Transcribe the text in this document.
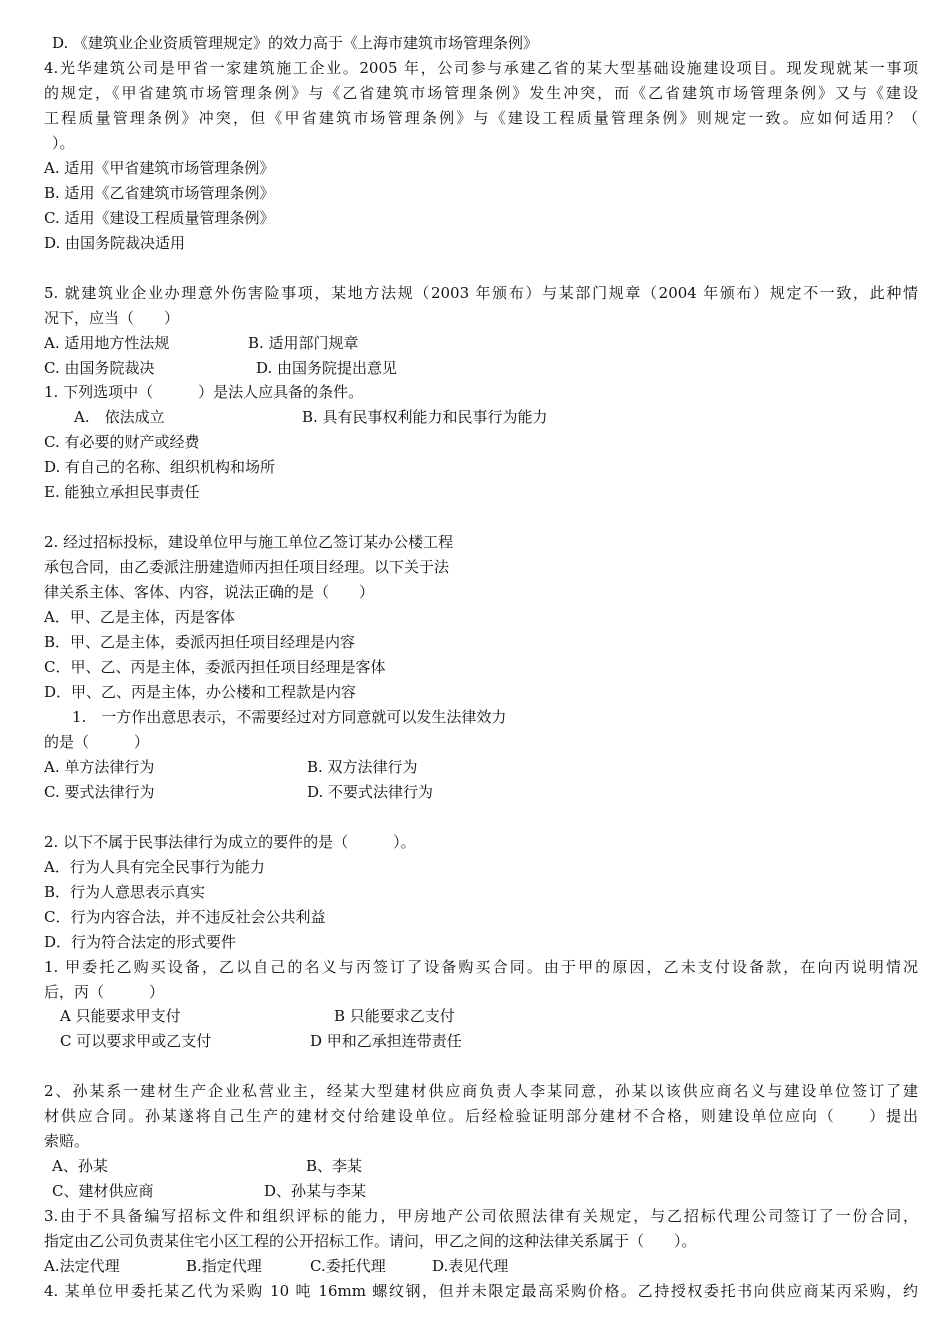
D. 《建筑业企业资质管理规定》的效力高于《上海市建筑市场管理条例》
4.光华建筑公司是甲省一家建筑施工企业。2005 年，公司参与承建乙省的某大型基础设施建设项目。现发现就某一事项
的规定，《甲省建筑市场管理条例》与《乙省建筑市场管理条例》发生冲突，而《乙省建筑市场管理条例》又与《建设
工程质量管理条例》冲突，但《甲省建筑市场管理条例》与《建设工程质量管理条例》则规定一致。应如何适用？（
）。
A. 适用《甲省建筑市场管理条例》
B. 适用《乙省建筑市场管理条例》
C. 适用《建设工程质量管理条例》
D. 由国务院裁决适用
5. 就建筑业企业办理意外伤害险事项，某地方法规（2003 年颁布）与某部门规章（2004 年颁布）规定不一致，此种情
况下，应当（　　）
A. 适用地方性法规	B. 适用部门规章
C. 由国务院裁决	D. 由国务院提出意见
1. 下列选项中（　　　）是法人应具备的条件。
A.　依法成立	B. 具有民事权利能力和民事行为能力
C. 有必要的财产或经费
D. 有自己的名称、组织机构和场所
E. 能独立承担民事责任
2. 经过招标投标，建设单位甲与施工单位乙签订某办公楼工程
承包合同，由乙委派注册建造师丙担任项目经理。以下关于法
律关系主体、客体、内容，说法正确的是（　　）
A．甲、乙是主体，丙是客体
B．甲、乙是主体，委派丙担任项目经理是内容
C．甲、乙、丙是主体，委派丙担任项目经理是客体
D．甲、乙、丙是主体，办公楼和工程款是内容
1.　一方作出意思表示，不需要经过对方同意就可以发生法律效力
的是（　　　）
A. 单方法律行为	B. 双方法律行为
C. 要式法律行为	D. 不要式法律行为
2. 以下不属于民事法律行为成立的要件的是（　　　）。
A．行为人具有完全民事行为能力
B．行为人意思表示真实
C．行为内容合法，并不违反社会公共利益
D．行为符合法定的形式要件
1. 甲委托乙购买设备，乙以自己的名义与丙签订了设备购买合同。由于甲的原因，乙未支付设备款，在向丙说明情况
后，丙（　　　）
A 只能要求甲支付	B 只能要求乙支付
C 可以要求甲或乙支付	D 甲和乙承担连带责任
2、孙某系一建材生产企业私营业主，经某大型建材供应商负责人李某同意，孙某以该供应商名义与建设单位签订了建
材供应合同。孙某遂将自己生产的建材交付给建设单位。后经检验证明部分建材不合格，则建设单位应向（　　）提出
索赔。
A、孙某	B、李某
C、建材供应商	D、孙某与李某
3.由于不具备编写招标文件和组织评标的能力，甲房地产公司依照法律有关规定，与乙招标代理公司签订了一份合同，
指定由乙公司负责某住宅小区工程的公开招标工作。请问，甲乙之间的这种法律关系属于（　　）。
A.法定代理	B.指定代理	C.委托代理	D.表见代理
4. 某单位甲委托某乙代为采购 10 吨 16mm 螺纹钢，但并未限定最高采购价格。乙持授权委托书向供应商某丙采购，约
